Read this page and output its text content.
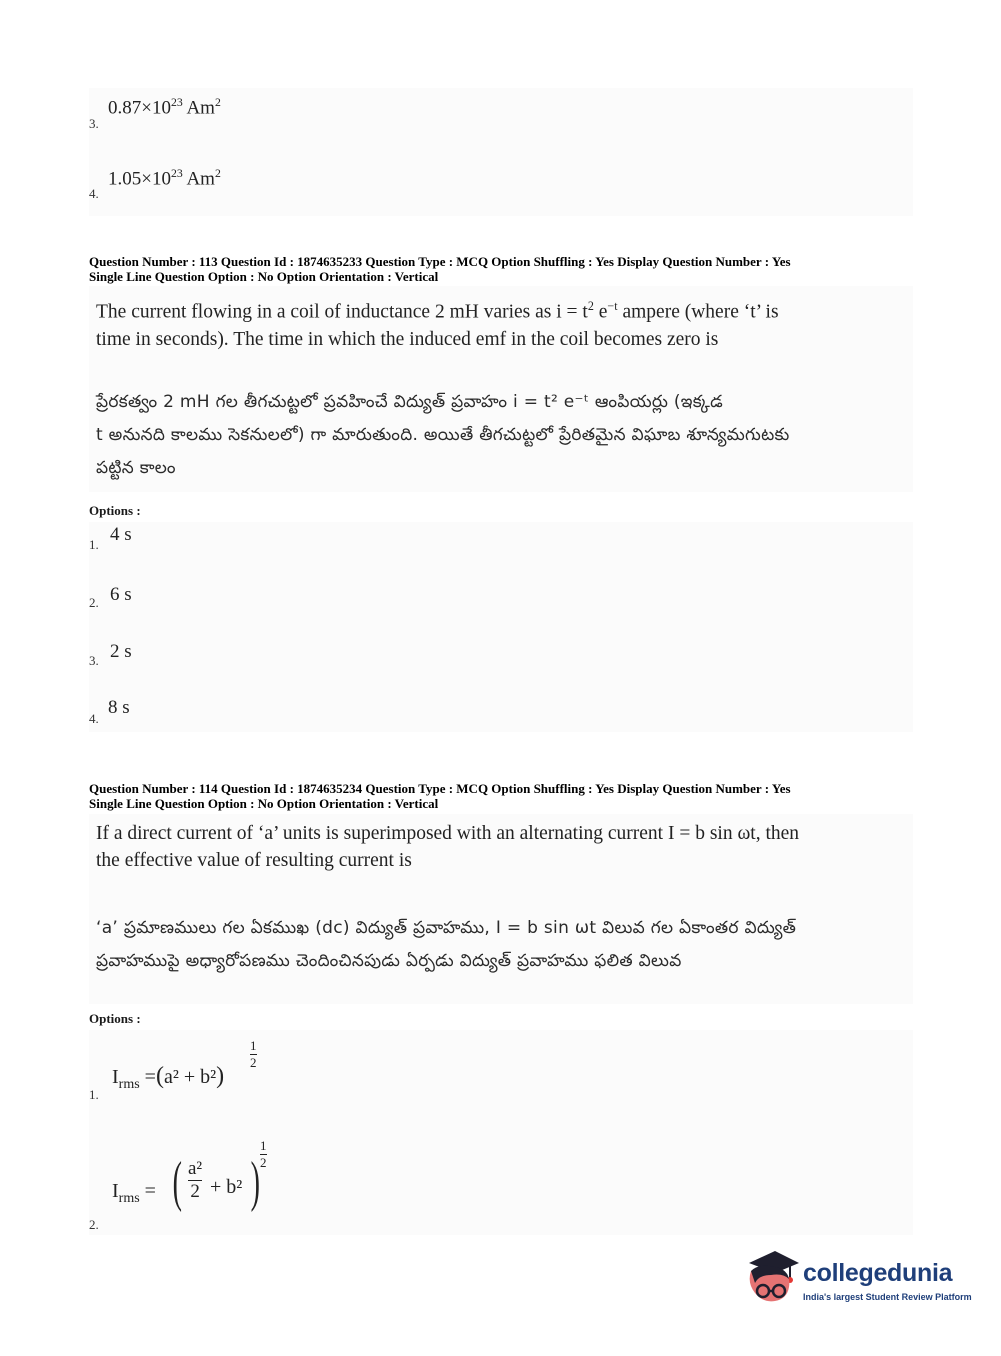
3.
$0.87\times 10^{23}$ Am$^2$
4.
$1.05\times 10^{23}$ Am$^2$
Question Number : 113 Question Id : 1874635233 Question Type : MCQ Option Shuffling : Yes Display Question Number : Yes
Single Line Question Option : No Option Orientation : Vertical
The current flowing in a coil of inductance 2 mH varies as $i = t^2$ $e^{-t}$ ampere (where ‘t’ is
time in seconds). The time in which the induced emf in the coil becomes zero is
ప్రేరకత్వం 2 mH గల తీగచుట్టలో ప్రవహించే విద్యుత్ ప్రవాహం i = t² e⁻ᵗ ఆంపియర్లు (ఇక్కడ
t అనునది కాలము సెకనులలో) గా మారుతుంది. అయితే తీగచుట్టలో ప్రేరితమైన విఘాబ శూన్యమగుటకు
పట్టిన కాలం
Options :
1. 4 s
2. 6 s
3. 2 s
4.
8 s
Question Number : 114 Question Id : 1874635234 Question Type : MCQ Option Shuffling : Yes Display Question Number : Yes
Single Line Question Option : No Option Orientation : Vertical
If a direct current of ‘a’ units is superimposed with an alternating current I = b sin ωt, then
the effective value of resulting current is
‘a’ ప్రమాణములు గల ఏకముఖ (dc) విద్యుత్ ప్రవాహము, I = b sin ωt విలువ గల ఏకాంతర విద్యుత్
ప్రవాహముపై అధ్యారోపణము చెందించినపుడు ఏర్పడు విద్యుత్ ప్రవాహము ఫలిత విలువ
Options :
1.
$I_{rms} =(a^2 + b^2)$
1
2
2.
$I_{rms}$ = ( a²
2 + b² )
1
2
collegedunia
India's largest Student Review Platform
